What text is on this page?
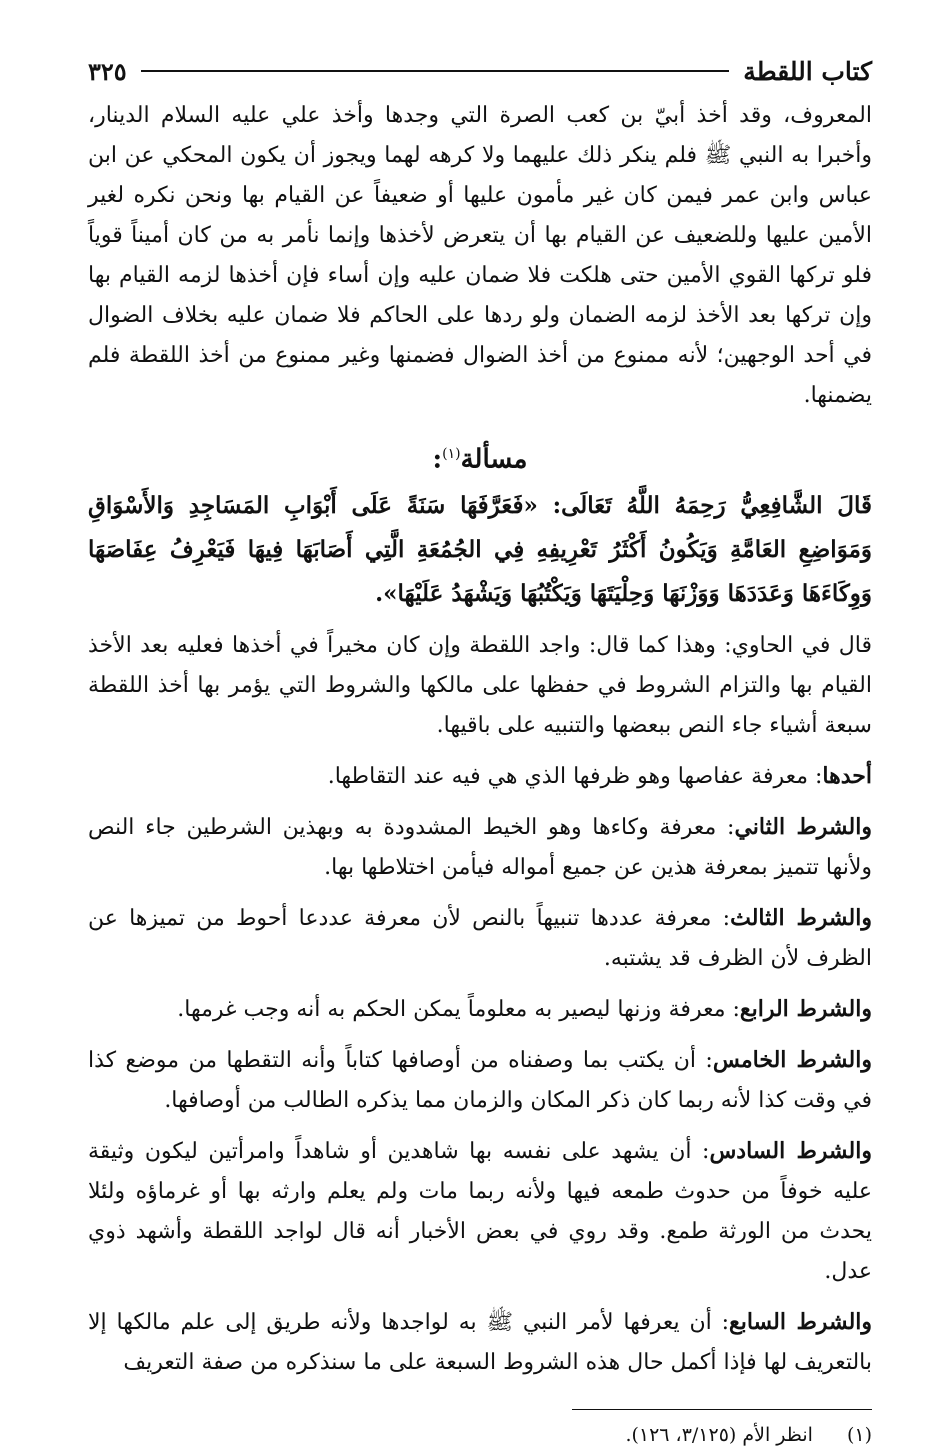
كتاب اللقطة
٣٢٥

المعروف، وقد أخذ أبيّ بن كعب الصرة التي وجدها وأخذ علي عليه السلام الدينار، وأخبرا به النبي ﷺ فلم ينكر ذلك عليهما ولا كرهه لهما ويجوز أن يكون المحكي عن ابن عباس وابن عمر فيمن كان غير مأمون عليها أو ضعيفاً عن القيام بها ونحن نكره لغير الأمين عليها وللضعيف عن القيام بها أن يتعرض لأخذها وإنما نأمر به من كان أميناً قوياً فلو تركها القوي الأمين حتى هلكت فلا ضمان عليه وإن أساء فإن أخذها لزمه القيام بها وإن تركها بعد الأخذ لزمه الضمان ولو ردها على الحاكم فلا ضمان عليه بخلاف الضوال في أحد الوجهين؛ لأنه ممنوع من أخذ الضوال فضمنها وغير ممنوع من أخذ اللقطة فلم يضمنها.

مسألة$^{(١)}$:

قَالَ الشَّافِعِيُّ رَحِمَهُ اللَّهُ تَعَالَى: «فَعَرَّفَهَا سَنَةً عَلَى أَبْوَابِ المَسَاجِدِ وَالأَسْوَاقِ وَمَوَاضِعِ العَامَّةِ وَيَكُونُ أَكْثَرُ تَعْرِيفِهِ فِي الجُمُعَةِ الَّتِي أَصَابَهَا فِيهَا فَيَعْرِفُ عِفَاصَهَا وَوِكَاءَهَا وَعَدَدَهَا وَوَزْنَهَا وَحِلْيَتَهَا وَيَكْتُبُهَا وَيَشْهَدُ عَلَيْهَا».

قال في الحاوي: وهذا كما قال: واجد اللقطة وإن كان مخيراً في أخذها فعليه بعد الأخذ القيام بها والتزام الشروط في حفظها على مالكها والشروط التي يؤمر بها أخذ اللقطة سبعة أشياء جاء النص ببعضها والتنبيه على باقيها.

أحدها: معرفة عفاصها وهو ظرفها الذي هي فيه عند التقاطها.

والشرط الثاني: معرفة وكاءها وهو الخيط المشدودة به وبهذين الشرطين جاء النص ولأنها تتميز بمعرفة هذين عن جميع أمواله فيأمن اختلاطها بها.

والشرط الثالث: معرفة عددها تنبيهاً بالنص لأن معرفة عددعا أحوط من تميزها عن الظرف لأن الظرف قد يشتبه.

والشرط الرابع: معرفة وزنها ليصير به معلوماً يمكن الحكم به أنه وجب غرمها.

والشرط الخامس: أن يكتب بما وصفناه من أوصافها كتاباً وأنه التقطها من موضع كذا في وقت كذا لأنه ربما كان ذكر المكان والزمان مما يذكره الطالب من أوصافها.

والشرط السادس: أن يشهد على نفسه بها شاهدين أو شاهداً وامرأتين ليكون وثيقة عليه خوفاً من حدوث طمعه فيها ولأنه ربما مات ولم يعلم وارثه بها أو غرماؤه ولئلا يحدث من الورثة طمع. وقد روي في بعض الأخبار أنه قال لواجد اللقطة وأشهد ذوي عدل.

والشرط السابع: أن يعرفها لأمر النبي ﷺ به لواجدها ولأنه طريق إلى علم مالكها إلا بالتعريف لها فإذا أكمل حال هذه الشروط السبعة على ما سنذكره من صفة التعريف

(١)
انظر الأم (٣/١٢٥، ١٢٦).
